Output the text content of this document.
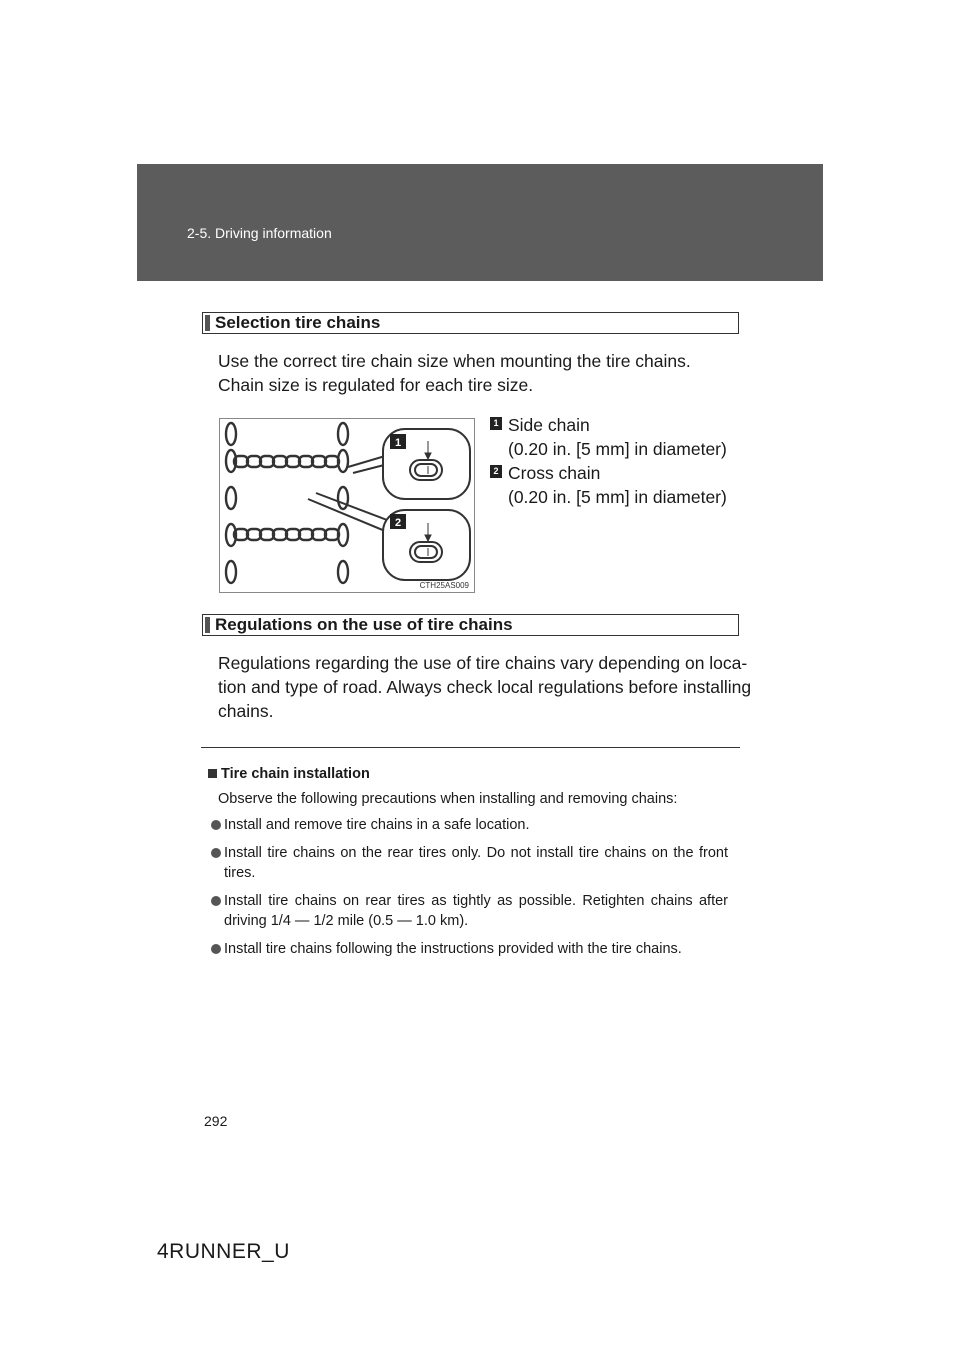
2-5. Driving information
Selection tire chains
Use the correct tire chain size when mounting the tire chains.
Chain size is regulated for each tire size.
1
2
CTH25AS009
1 Side chain
(0.20 in. [5 mm] in diameter)
2 Cross chain
(0.20 in. [5 mm] in diameter)
Regulations on the use of tire chains
Regulations regarding the use of tire chains vary depending on loca-
tion and type of road. Always check local regulations before installing
chains.
Tire chain installation
Observe the following precautions when installing and removing chains:
Install and remove tire chains in a safe location.
Install tire chains on the rear tires only. Do not install tire chains on the front tires.
Install tire chains on rear tires as tightly as possible. Retighten chains after driving 1/4 — 1/2 mile (0.5 — 1.0 km).
Install tire chains following the instructions provided with the tire chains.
292
4RUNNER_U
